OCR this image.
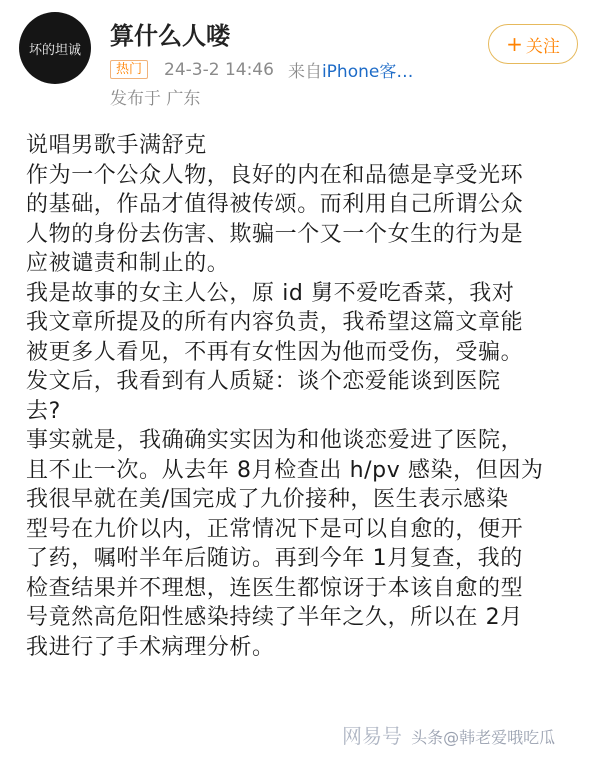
坏的坦诚 算什么人喽
热门	24-3-2 14:46 来自 iPhone客…
发布于 广东
+ 关注
说唱男歌手满舒克
作为一个公众人物，良好的内在和品德是享受光环
的基础，作品才值得被传颂。而利用自己所谓公众
人物的身份去伤害、欺骗一个又一个女生的行为是
应被谴责和制止的。
我是故事的女主人公，原 id 舅不爱吃香菜，我对
我文章所提及的所有内容负责，我希望这篇文章能
被更多人看见，不再有女性因为他而受伤，受骗。
发文后，我看到有人质疑：谈个恋爱能谈到医院
去?
事实就是，我确确实实因为和他谈恋爱进了医院，
且不止一次。从去年 8月检查出 h/pv 感染，但因为
我很早就在美/国完成了九价接种，医生表示感染
型号在九价以内，正常情况下是可以自愈的，便开
了药，嘱咐半年后随访。再到今年 1月复查，我的
检查结果并不理想，连医生都惊讶于本该自愈的型
号竟然高危阳性感染持续了半年之久，所以在 2月
我进行了手术病理分析。
网易号 头条@韩老爱哦吃瓜
